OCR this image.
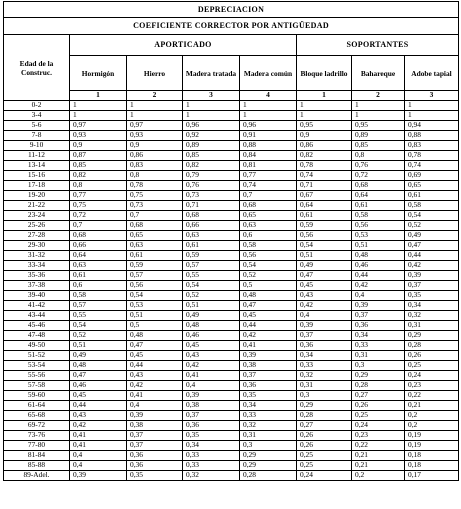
DEPRECIACION							
COEFICIENTE CORRECTOR POR ANTIGÜEDAD							
Edad de la Construc.	APORTICADO				SOPORTANTES		
	Hormigón	Hierro	Madera tratada	Madera común	Bloque ladrillo	Bahareque	Adobe tapial
	1	2	3	4	1	2	3
0-2	1	1	1	1	1	1	1
3-4	1	1	1	1	1	1	1
5-6	0,97	0,97	0,96	0,96	0,95	0,95	0,94
7-8	0,93	0,93	0,92	0,91	0,9	0,89	0,88
9-10	0,9	0,9	0,89	0,88	0,86	0,85	0,83
11-12	0,87	0,86	0,85	0,84	0,82	0,8	0,78
13-14	0,85	0,83	0,82	0,81	0,78	0,76	0,74
15-16	0,82	0,8	0,79	0,77	0,74	0,72	0,69
17-18	0,8	0,78	0,76	0,74	0,71	0,68	0,65
19-20	0,77	0,75	0,73	0,7	0,67	0,64	0,61
21-22	0,75	0,73	0,71	0,68	0,64	0,61	0,58
23-24	0,72	0,7	0,68	0,65	0,61	0,58	0,54
25-26	0,7	0,68	0,66	0,63	0,59	0,56	0,52
27-28	0,68	0,65	0,63	0,6	0,56	0,53	0,49
29-30	0,66	0,63	0,61	0,58	0,54	0,51	0,47
31-32	0,64	0,61	0,59	0,56	0,51	0,48	0,44
33-34	0,63	0,59	0,57	0,54	0,49	0,46	0,42
35-36	0,61	0,57	0,55	0,52	0,47	0,44	0,39
37-38	0,6	0,56	0,54	0,5	0,45	0,42	0,37
39-40	0,58	0,54	0,52	0,48	0,43	0,4	0,35
41-42	0,57	0,53	0,51	0,47	0,42	0,39	0,34
43-44	0,55	0,51	0,49	0,45	0,4	0,37	0,32
45-46	0,54	0,5	0,48	0,44	0,39	0,36	0,31
47-48	0,52	0,48	0,46	0,42	0,37	0,34	0,29
49-50	0,51	0,47	0,45	0,41	0,36	0,33	0,28
51-52	0,49	0,45	0,43	0,39	0,34	0,31	0,26
53-54	0,48	0,44	0,42	0,38	0,33	0,3	0,25
55-56	0,47	0,43	0,41	0,37	0,32	0,29	0,24
57-58	0,46	0,42	0,4	0,36	0,31	0,28	0,23
59-60	0,45	0,41	0,39	0,35	0,3	0,27	0,22
61-64	0,44	0,4	0,38	0,34	0,29	0,26	0,21
65-68	0,43	0,39	0,37	0,33	0,28	0,25	0,2
69-72	0,42	0,38	0,36	0,32	0,27	0,24	0,2
73-76	0,41	0,37	0,35	0,31	0,26	0,23	0,19
77-80	0,41	0,37	0,34	0,3	0,26	0,22	0,19
81-84	0,4	0,36	0,33	0,29	0,25	0,21	0,18
85-88	0,4	0,36	0,33	0,29	0,25	0,21	0,18
89-Adel.	0,39	0,35	0,32	0,28	0,24	0,2	0,17
